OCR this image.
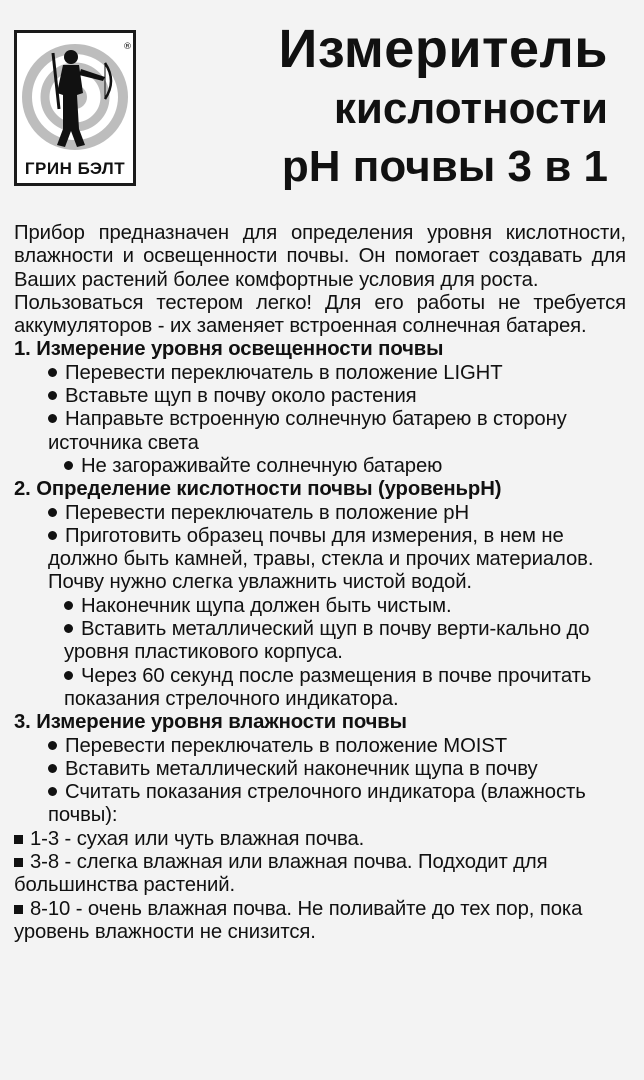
®
ГРИН БЭЛТ
Измеритель
кислотности
pH почвы 3 в 1

Прибор предназначен для определения уровня кислотности, влажности и освещенности почвы. Он помогает создавать для Ваших растений более комфортные условия для роста.

Пользоваться тестером легко! Для его работы не требуется аккумуляторов - их заменяет встроенная солнечная батарея.

1. Измерение уровня освещенности почвы

Перевести переключатель в положение LIGHT

Вставьте щуп в почву около растения

Направьте встроенную солнечную батарею в сторону источника света

Не загораживайте солнечную батарею

2. Определение кислотности почвы (уровеньрН)

Перевести переключатель в положение рН

Приготовить образец почвы для измерения, в нем не должно быть камней, травы, стекла и прочих материалов. Почву нужно слегка увлажнить чистой водой.

Наконечник щупа должен быть чистым.

Вставить металлический щуп в почву верти-кально до уровня пластикового корпуса.

Через 60 секунд после размещения в почве прочитать показания стрелочного индикатора.

3. Измерение уровня влажности почвы

Перевести переключатель в положение MOIST

Вставить металлический наконечник щупа в почву

Считать показания стрелочного индикатора (влажность почвы):

1-3 - сухая или чуть влажная почва.

3-8 - слегка влажная или влажная почва. Подходит для большинства растений.

8-10 - очень влажная почва. Не поливайте до тех пор, пока уровень влажности не снизится.
